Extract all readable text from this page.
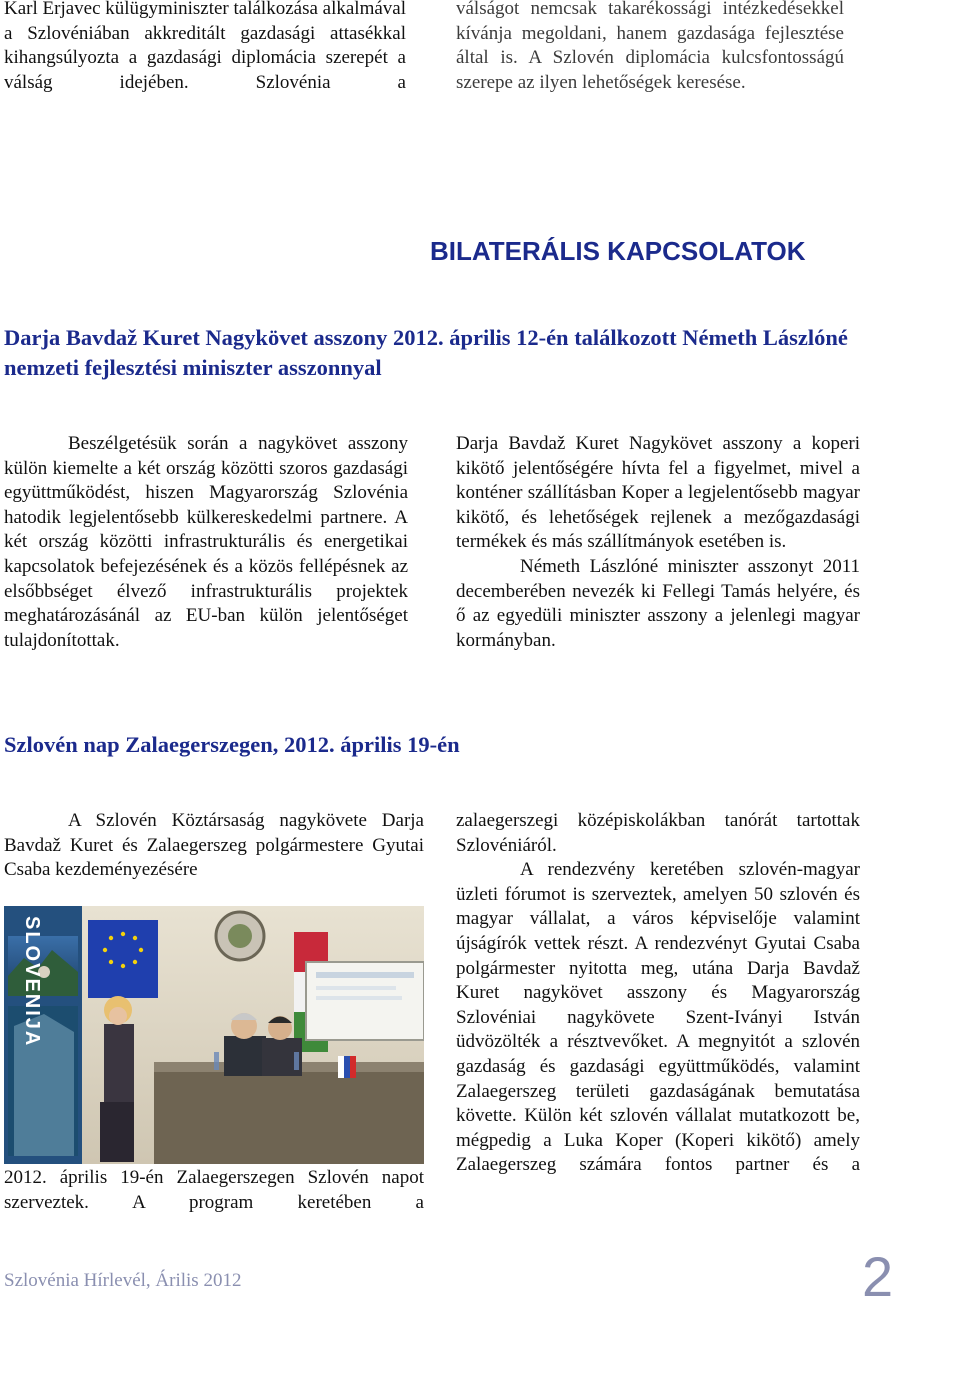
Karl Erjavec külügyminiszter találkozása alkalmával a Szlovéniában akkreditált gazdasági attasékkal kihangsúlyozta a gazdasági diplomácia szerepét a válság idejében. Szlovénia a

válságot nemcsak takarékossági intézkedésekkel kívánja megoldani, hanem gazdasága fejlesztése által is. A Szlovén diplomácia kulcsfontosságú szerepe az ilyen lehetőségek keresése.

BILATERÁLIS KAPCSOLATOK
Darja Bavdaž Kuret Nagykövet asszony 2012. április 12-én találkozott Németh Lászlóné nemzeti fejlesztési miniszter asszonnyal

Beszélgetésük során a nagykövet asszony külön kiemelte a két ország közötti szoros gazdasági együttműködést, hiszen Magyarország Szlovénia hatodik legjelentősebb külkereskedelmi partnere. A két ország közötti infrastrukturális és energetikai kapcsolatok befejezésének és a közös fellépésnek az elsőbbséget élvező infrastrukturális projektek meghatározásánál az EU-ban külön jelentőséget tulajdonítottak.

Darja Bavdaž Kuret Nagykövet asszony a koperi kikötő jelentőségére hívta fel a figyelmet, mivel a konténer szállításban Koper a legjelentősebb magyar kikötő, és lehetőségek rejlenek a mezőgazdasági termékek és más szállítmányok esetében is.

Németh Lászlóné miniszter asszonyt 2011 decemberében nevezék ki Fellegi Tamás helyére, és ő az egyedüli miniszter asszony a jelenlegi magyar kormányban.

Szlovén nap Zalaegerszegen, 2012. április 19-én

A Szlovén Köztársaság nagykövete Darja Bavdaž Kuret és Zalaegerszeg polgármestere Gyutai Csaba kezdeményezésére

SLOVENIJA

2012. április 19-én Zalaegerszegen Szlovén napot szerveztek. A program keretében a

zalaegerszegi középiskolákban tanórát tartottak Szlovéniáról.

A rendezvény keretében szlovén-magyar üzleti fórumot is szerveztek, amelyen 50 szlovén és magyar vállalat, a város képviselője valamint újságírók vettek részt. A rendezvényt Gyutai Csaba polgármester nyitotta meg, utána Darja Bavdaž Kuret nagykövet asszony és Magyarország Szlovéniai nagykövete Szent-Iványi István üdvözölték a résztvevőket. A megnyitót a szlovén gazdaság és gazdasági együttműködés, valamint Zalaegerszeg területi gazdaságának bemutatása követte. Külön két szlovén vállalat mutatkozott be, mégpedig a Luka Koper (Koperi kikötő) amely Zalaegerszeg számára fontos partner és a

Szlovénia Hírlevél, Árilis 2012	2
